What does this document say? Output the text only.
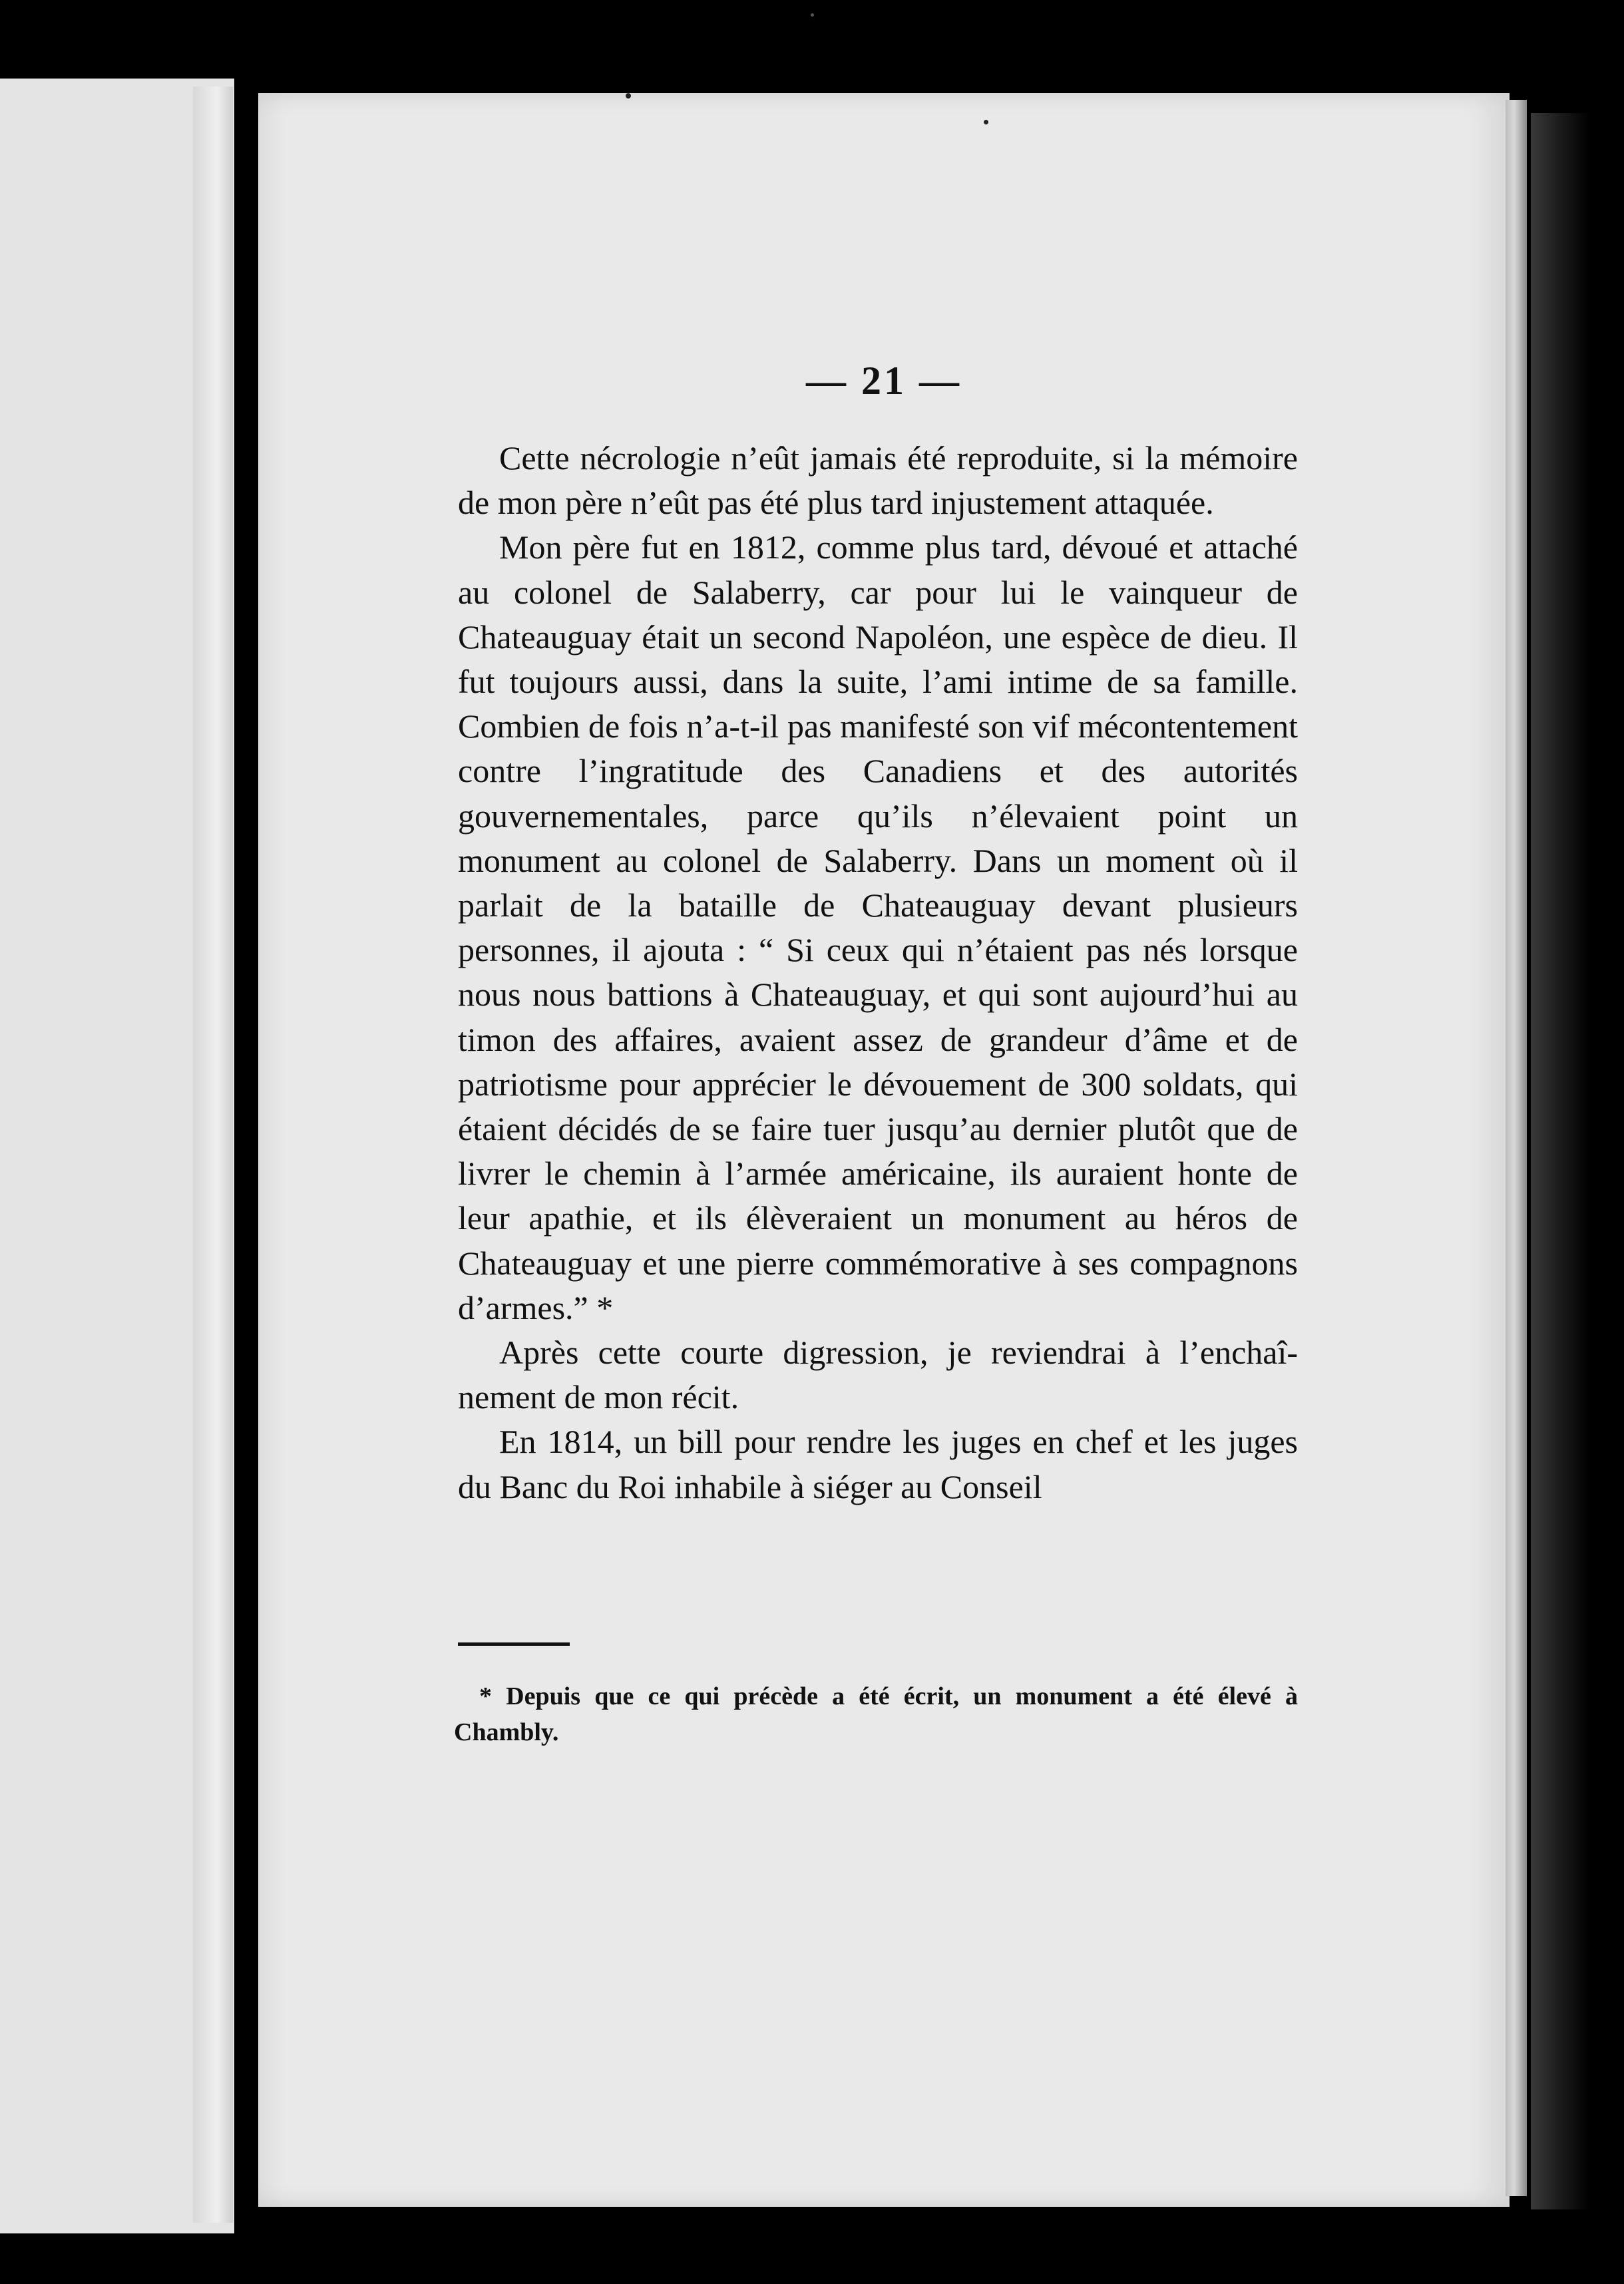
— 21 —

Cette nécrologie n’eût jamais été reproduite, si la mémoire de mon père n’eût pas été plus tard injustement attaquée.

Mon père fut en 1812, comme plus tard, dévoué et attaché au colonel de Salaberry, car pour lui le vainqueur de Chateauguay était un second Napoléon, une espèce de dieu. Il fut toujours aussi, dans la suite, l’ami intime de sa famille. Combien de fois n’a-t-il pas manifesté son vif mécontentement contre l’ingratitude des Canadiens et des autorités gouvernementales, parce qu’ils n’élevaient point un monument au colonel de Salaberry. Dans un moment où il parlait de la bataille de Chateauguay devant plusieurs personnes, il ajouta : “ Si ceux qui n’étaient pas nés lorsque nous nous battions à Chateauguay, et qui sont aujourd’hui au timon des affaires, avaient assez de grandeur d’âme et de patriotisme pour apprécier le dévouement de 300 soldats, qui étaient décidés de se faire tuer jusqu’au dernier plutôt que de livrer le chemin à l’armée américaine, ils auraient honte de leur apathie, et ils élèveraient un monument au héros de Chateauguay et une pierre commémorative à ses compagnons d’armes.” *

Après cette courte digression, je reviendrai à l’enchaînement de mon récit.

En 1814, un bill pour rendre les juges en chef et les juges du Banc du Roi inhabile à siéger au Conseil

* Depuis que ce qui précède a été écrit, un monument a été élevé à Chambly.
